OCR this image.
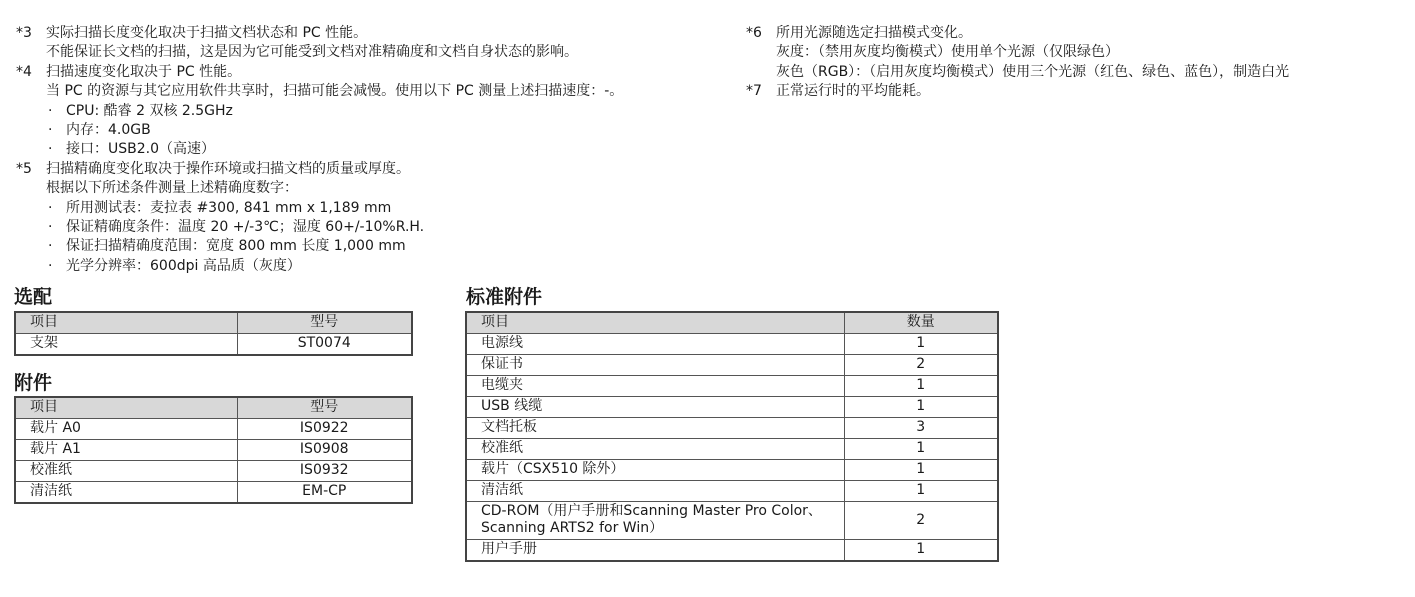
*3	实际扫描长度变化取决于扫描文档状态和 PC 性能。
不能保证长文档的扫描，这是因为它可能受到文档对准精确度和文档自身状态的影响。
*4	扫描速度变化取决于 PC 性能。
当 PC 的资源与其它应用软件共享时，扫描可能会减慢。使用以下 PC 测量上述扫描速度：-。
· CPU: 酷睿 2 双核 2.5GHz
· 内存：4.0GB
· 接口：USB2.0（高速）
*5	扫描精确度变化取决于操作环境或扫描文档的质量或厚度。
根据以下所述条件测量上述精确度数字：
· 所用测试表：麦拉表 #300, 841 mm x 1,189 mm
· 保证精确度条件：温度 20 +/-3℃；湿度 60+/-10%R.H.
· 保证扫描精确度范围：宽度 800 mm 长度 1,000 mm
· 光学分辨率：600dpi 高品质（灰度）
*6	所用光源随选定扫描模式变化。
灰度：（禁用灰度均衡模式）使用单个光源（仅限绿色）
灰色（RGB）：（启用灰度均衡模式）使用三个光源（红色、绿色、蓝色），制造白光
*7	正常运行时的平均能耗。
选配
项目	型号
支架	ST0074
附件
项目	型号
载片 A0	IS0922
载片 A1	IS0908
校准纸	IS0932
清洁纸	EM-CP
标准附件
项目	数量
电源线	1
保证书	2
电缆夹	1
USB 线缆	1
文档托板	3
校准纸	1
载片（CSX510 除外）	1
清洁纸	1
CD-ROM（用户手册和Scanning Master Pro Color、
Scanning ARTS2 for Win）	2
用户手册	1
